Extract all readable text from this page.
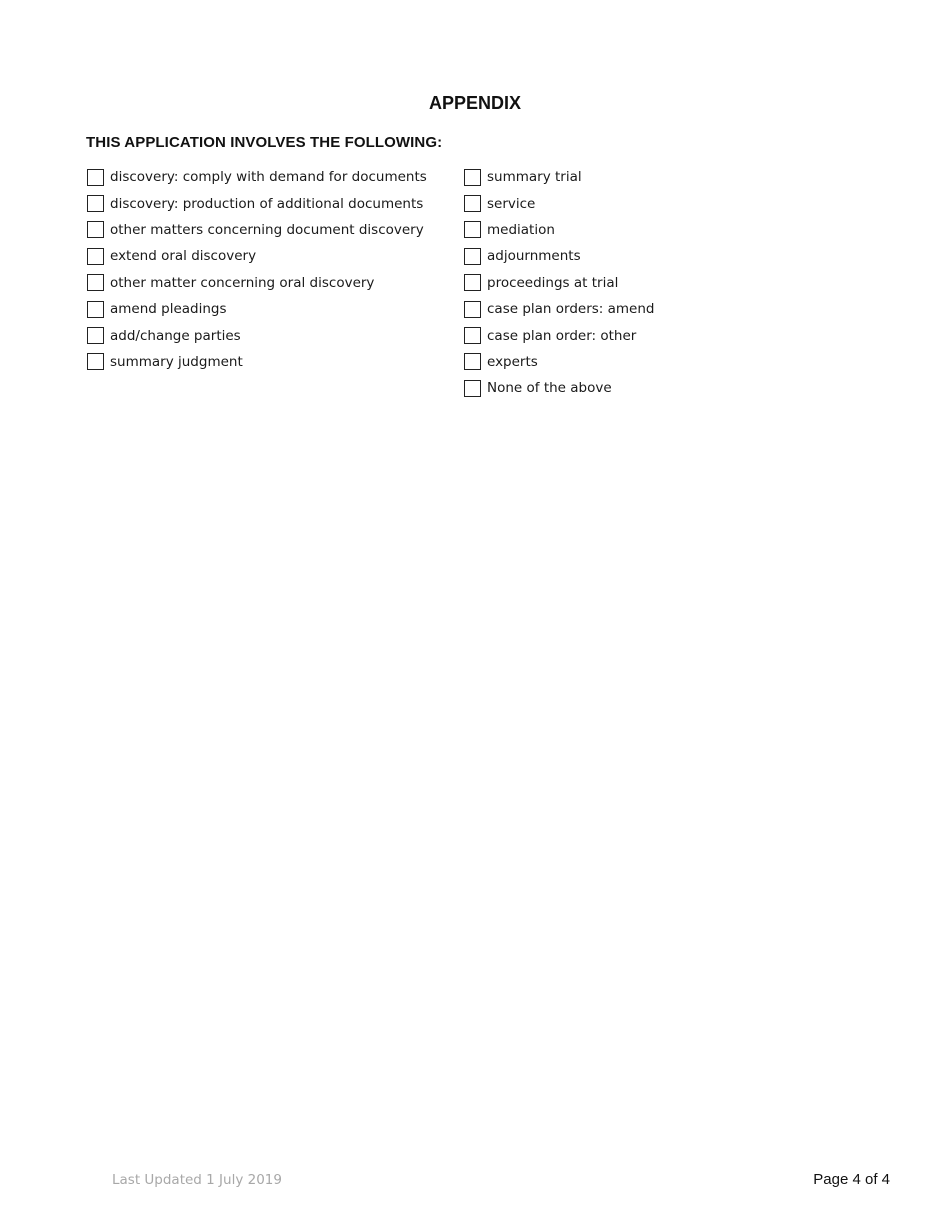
APPENDIX
THIS APPLICATION INVOLVES THE FOLLOWING:
discovery: comply with demand for documents
discovery: production of additional documents
other matters concerning document discovery
extend oral discovery
other matter concerning oral discovery
amend pleadings
add/change parties
summary judgment
summary trial
service
mediation
adjournments
proceedings at trial
case plan orders: amend
case plan order: other
experts
None of the above
Last Updated 1 July 2019	Page 4 of 4
